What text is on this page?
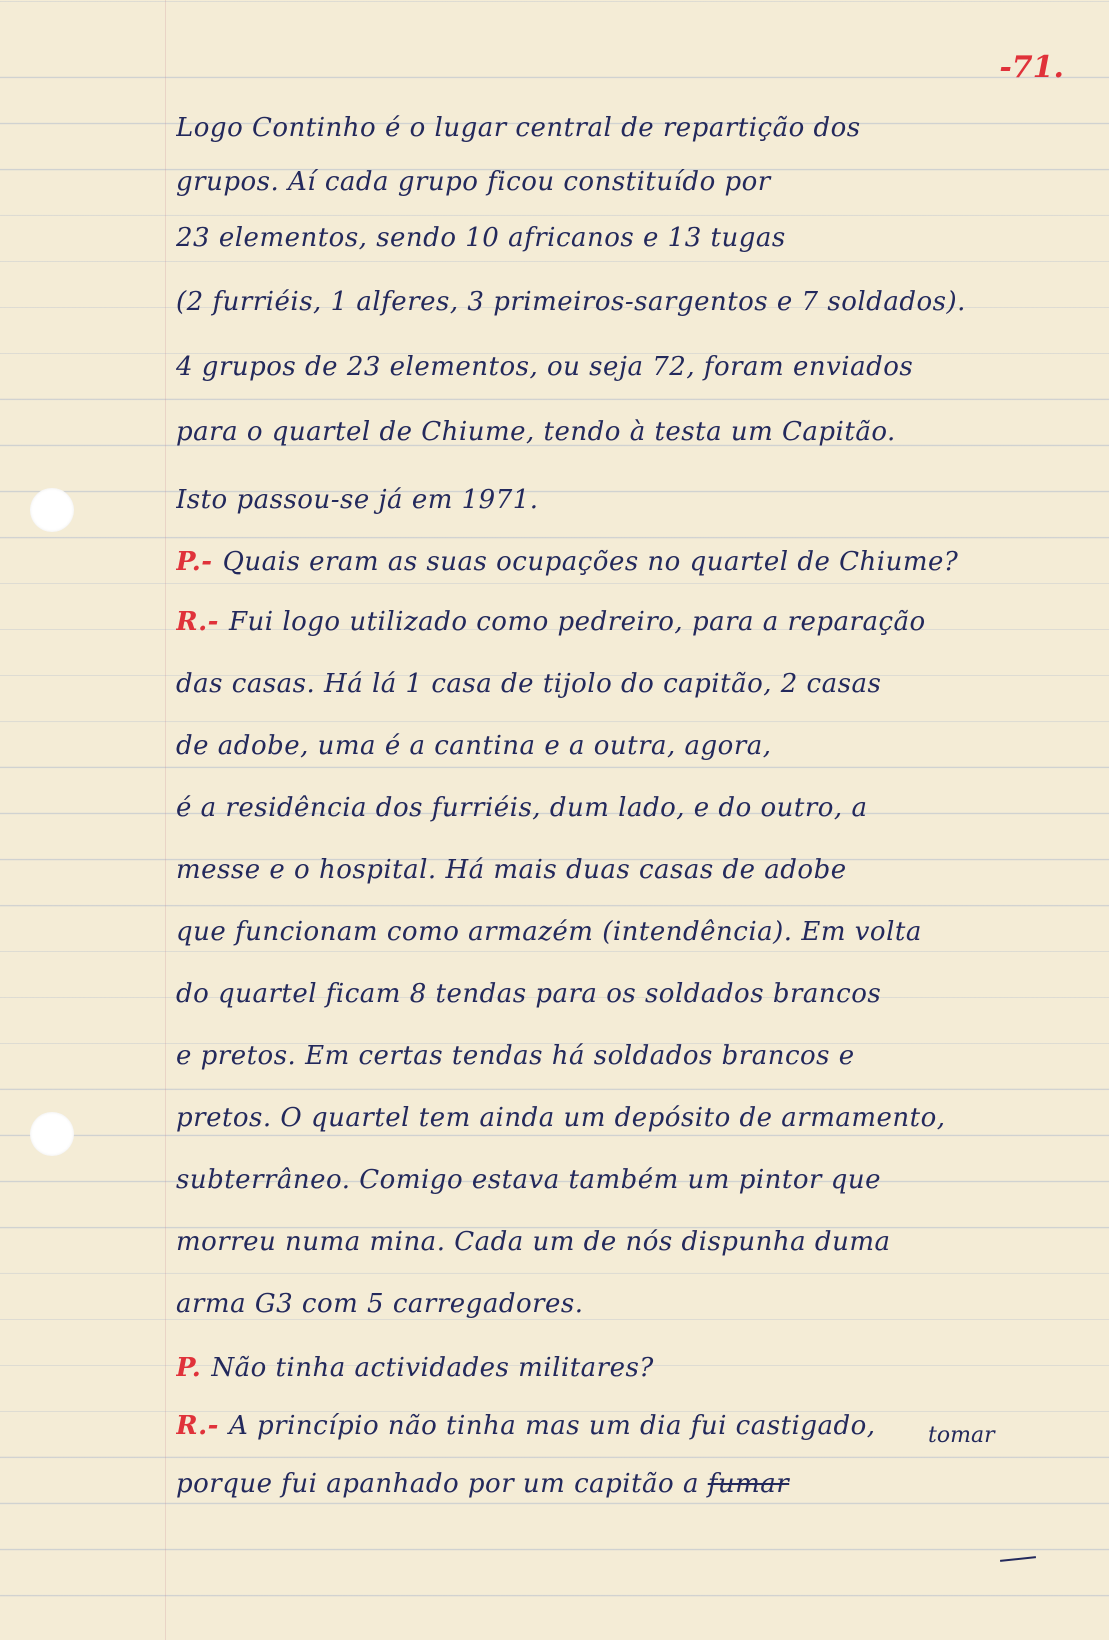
-71.
Logo Continho é o lugar central de repartição dos
grupos. Aí cada grupo ficou constituído por
23 elementos, sendo 10 africanos e 13 tugas
(2 furriéis, 1 alferes, 3 primeiros-sargentos e 7 soldados).
4 grupos de 23 elementos, ou seja 72, foram enviados
para o quartel de Chiume, tendo à testa um Capitão.
Isto passou-se já em 1971.
P.- Quais eram as suas ocupações no quartel de Chiume?
R.- Fui logo utilizado como pedreiro, para a reparação
das casas. Há lá 1 casa de tijolo do capitão, 2 casas
de adobe, uma é a cantina e a outra, agora,
é a residência dos furriéis, dum lado, e do outro, a
messe e o hospital. Há mais duas casas de adobe
que funcionam como armazém (intendência). Em volta
do quartel ficam 8 tendas para os soldados brancos
e pretos. Em certas tendas há soldados brancos e
pretos. O quartel tem ainda um depósito de armamento,
subterrâneo. Comigo estava também um pintor que
morreu numa mina. Cada um de nós dispunha duma
arma G3 com 5 carregadores.
P. Não tinha actividades militares?
R.- A princípio não tinha mas um dia fui castigado,
porque fui apanhado por um capitão a fumar
tomar
